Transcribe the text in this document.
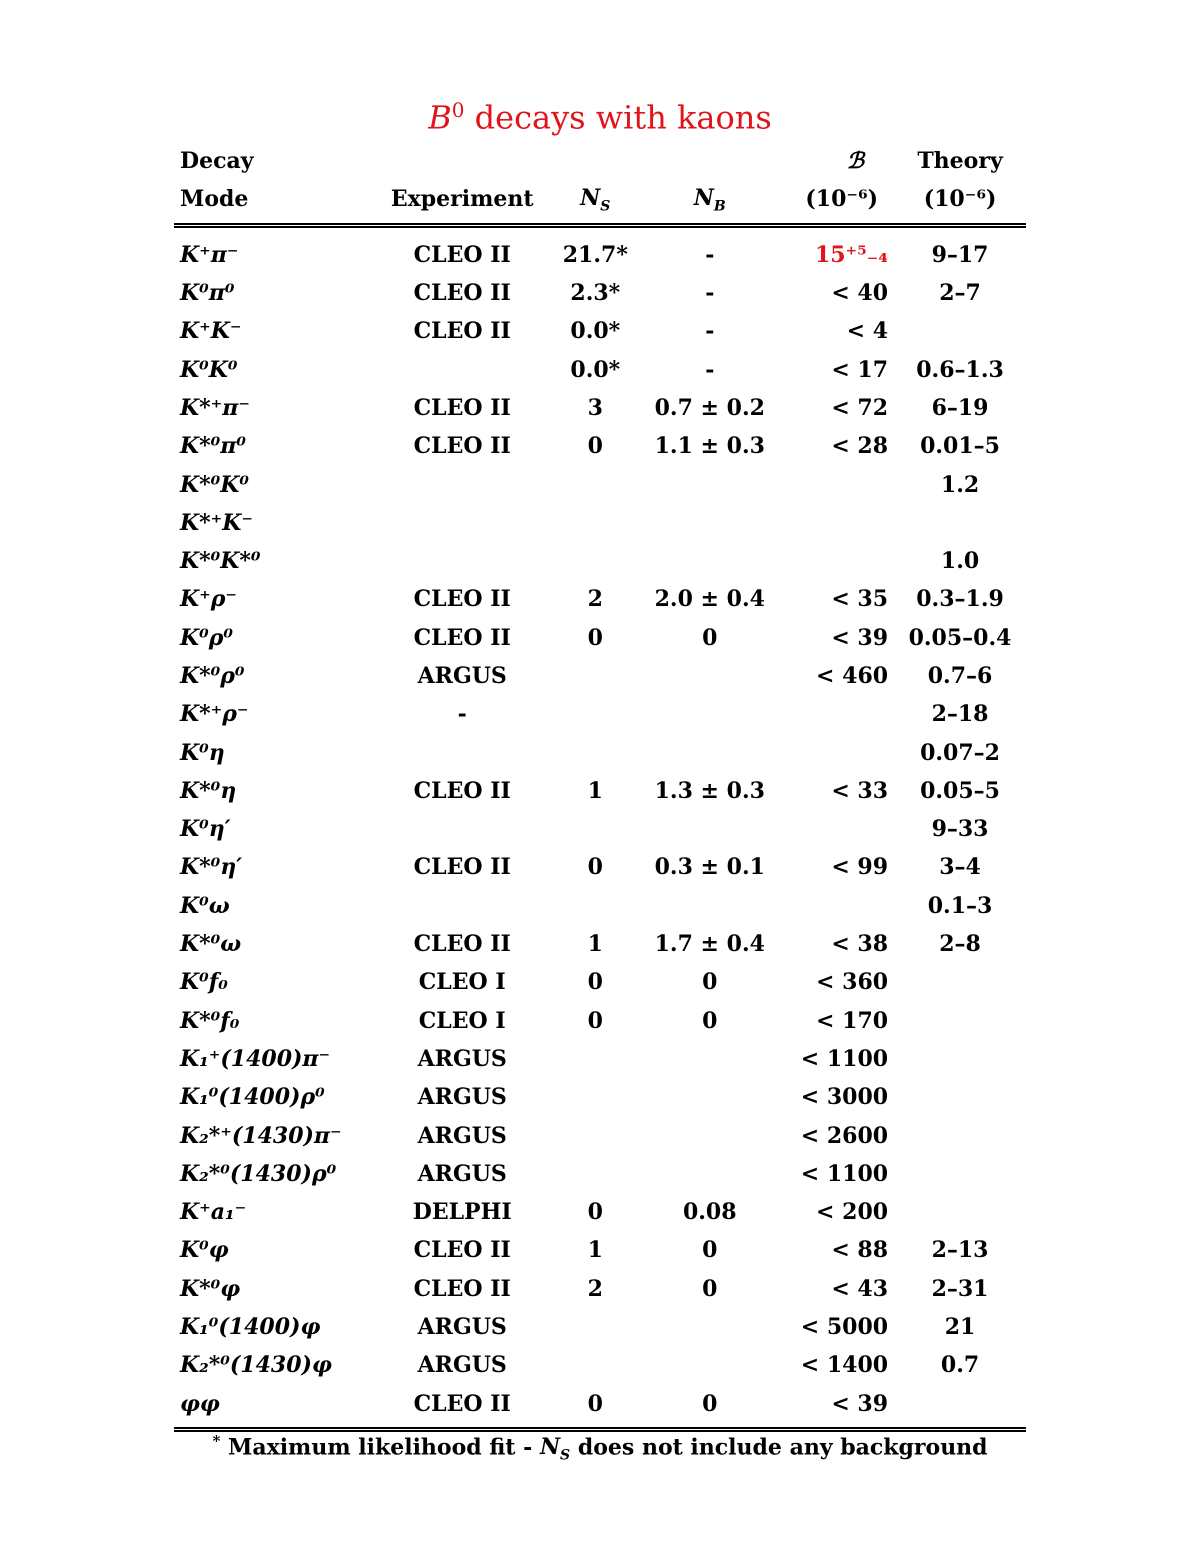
$B^0$ decays with kaons
Decay				ℬ	Theory
Mode	Experiment	$N_S$	$N_B$	(10⁻⁶)	(10⁻⁶)
K⁺π⁻	CLEO II	21.7*	-	15⁺⁵₋₄	9–17
K⁰π⁰	CLEO II	2.3*	-	< 40	2–7
K⁺K⁻	CLEO II	0.0*	-	< 4	
K⁰K⁰		0.0*	-	< 17	0.6–1.3
K*⁺π⁻	CLEO II	3	0.7 ± 0.2	< 72	6–19
K*⁰π⁰	CLEO II	0	1.1 ± 0.3	< 28	0.01–5
K*⁰K⁰					1.2
K*⁺K⁻					
K*⁰K*⁰					1.0
K⁺ρ⁻	CLEO II	2	2.0 ± 0.4	< 35	0.3–1.9
K⁰ρ⁰	CLEO II	0	0	< 39	0.05–0.4
K*⁰ρ⁰	ARGUS			< 460	0.7–6
K*⁺ρ⁻	-				2–18
K⁰η					0.07–2
K*⁰η	CLEO II	1	1.3 ± 0.3	< 33	0.05–5
K⁰η′					9–33
K*⁰η′	CLEO II	0	0.3 ± 0.1	< 99	3–4
K⁰ω					0.1–3
K*⁰ω	CLEO II	1	1.7 ± 0.4	< 38	2–8
K⁰f₀	CLEO I	0	0	< 360	
K*⁰f₀	CLEO I	0	0	< 170	
K₁⁺(1400)π⁻	ARGUS			< 1100	
K₁⁰(1400)ρ⁰	ARGUS			< 3000	
K₂*⁺(1430)π⁻	ARGUS			< 2600	
K₂*⁰(1430)ρ⁰	ARGUS			< 1100	
K⁺a₁⁻	DELPHI	0	0.08	< 200	
K⁰φ	CLEO II	1	0	< 88	2–13
K*⁰φ	CLEO II	2	0	< 43	2–31
K₁⁰(1400)φ	ARGUS			< 5000	21
K₂*⁰(1430)φ	ARGUS			< 1400	0.7
φφ	CLEO II	0	0	< 39	
* Maximum likelihood fit - $N_S$ does not include any background
